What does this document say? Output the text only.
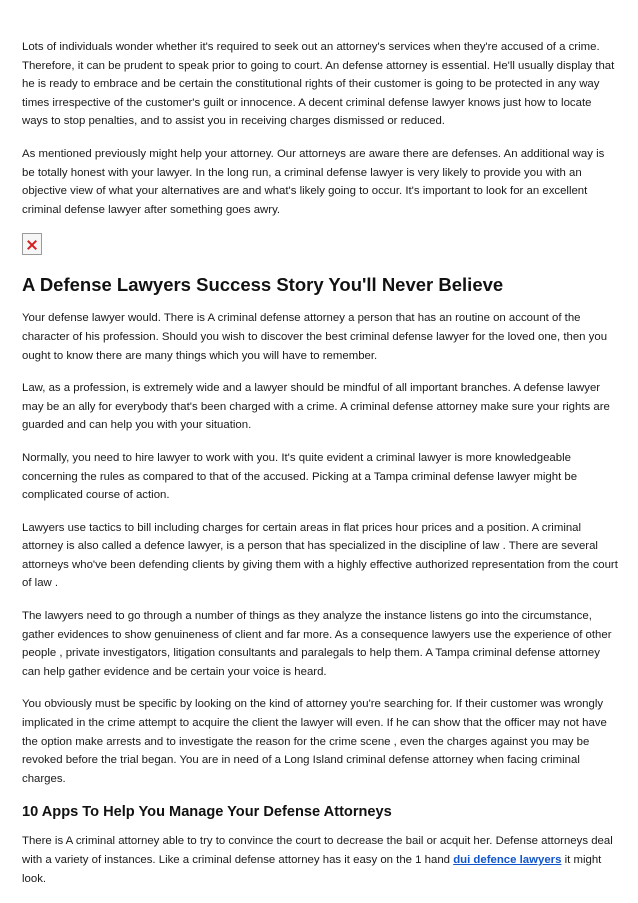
Lots of individuals wonder whether it's required to seek out an attorney's services when they're accused of a crime. Therefore, it can be prudent to speak prior to going to court. An defense attorney is essential. He'll usually display that he is ready to embrace and be certain the constitutional rights of their customer is going to be protected in any way times irrespective of the customer's guilt or innocence. A decent criminal defense lawyer knows just how to locate ways to stop penalties, and to assist you in receiving charges dismissed or reduced.

As mentioned previously might help your attorney. Our attorneys are aware there are defenses. An additional way is be totally honest with your lawyer. In the long run, a criminal defense lawyer is very likely to provide you with an objective view of what your alternatives are and what's likely going to occur. It's important to look for an excellent criminal defense lawyer after something goes awry.

A Defense Lawyers Success Story You'll Never Believe

Your defense lawyer would. There is A criminal defense attorney a person that has an routine on account of the character of his profession. Should you wish to discover the best criminal defense lawyer for the loved one, then you ought to know there are many things which you will have to remember.

Law, as a profession, is extremely wide and a lawyer should be mindful of all important branches. A defense lawyer may be an ally for everybody that's been charged with a crime. A criminal defense attorney make sure your rights are guarded and can help you with your situation.

Normally, you need to hire lawyer to work with you. It's quite evident a criminal lawyer is more knowledgeable concerning the rules as compared to that of the accused. Picking at a Tampa criminal defense lawyer might be complicated course of action.

Lawyers use tactics to bill including charges for certain areas in flat prices hour prices and a position. A criminal attorney is also called a defence lawyer, is a person that has specialized in the discipline of law . There are several attorneys who've been defending clients by giving them with a highly effective authorized representation from the court of law .

The lawyers need to go through a number of things as they analyze the instance listens go into the circumstance, gather evidences to show genuineness of client and far more. As a consequence lawyers use the experience of other people , private investigators, litigation consultants and paralegals to help them. A Tampa criminal defense attorney can help gather evidence and be certain your voice is heard.

You obviously must be specific by looking on the kind of attorney you're searching for. If their customer was wrongly implicated in the crime attempt to acquire the client the lawyer will even. If he can show that the officer may not have the option make arrests and to investigate the reason for the crime scene , even the charges against you may be revoked before the trial began. You are in need of a Long Island criminal defense attorney when facing criminal charges.

10 Apps To Help You Manage Your Defense Attorneys

There is A criminal attorney able to try to convince the court to decrease the bail or acquit her. Defense attorneys deal with a variety of instances. Like a criminal defense attorney has it easy on the 1 hand dui defence lawyers it might look.
